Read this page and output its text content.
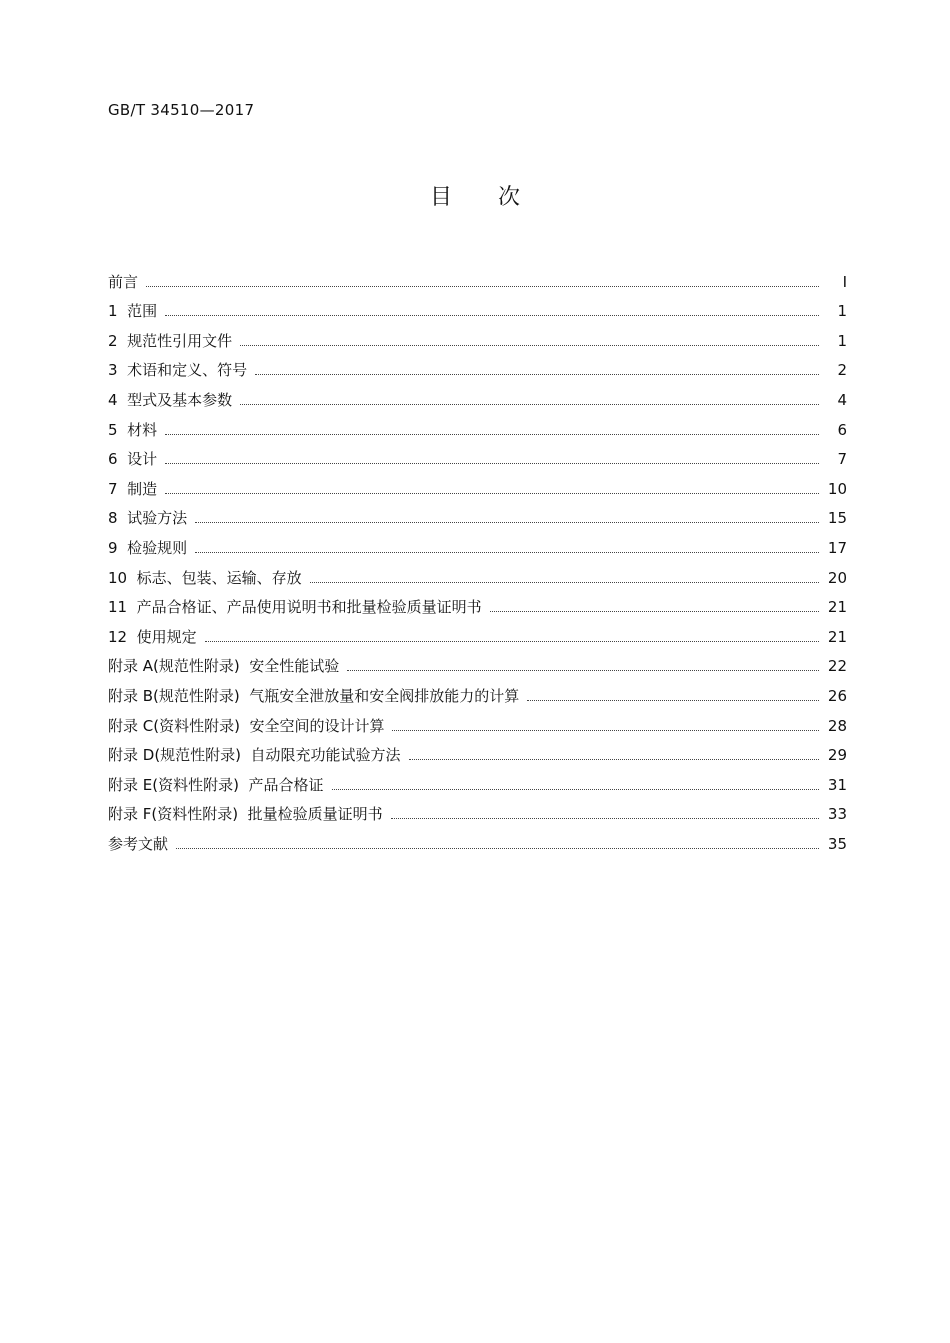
GB/T 34510—2017
目次
前言	I
1  范围	1
2  规范性引用文件	1
3  术语和定义、符号	2
4  型式及基本参数	4
5  材料	6
6  设计	7
7  制造	10
8  试验方法	15
9  检验规则	17
10  标志、包装、运输、存放	20
11  产品合格证、产品使用说明书和批量检验质量证明书	21
12  使用规定	21
附录 A(规范性附录)  安全性能试验	22
附录 B(规范性附录)  气瓶安全泄放量和安全阀排放能力的计算	26
附录 C(资料性附录)  安全空间的设计计算	28
附录 D(规范性附录)  自动限充功能试验方法	29
附录 E(资料性附录)  产品合格证	31
附录 F(资料性附录)  批量检验质量证明书	33
参考文献	35
